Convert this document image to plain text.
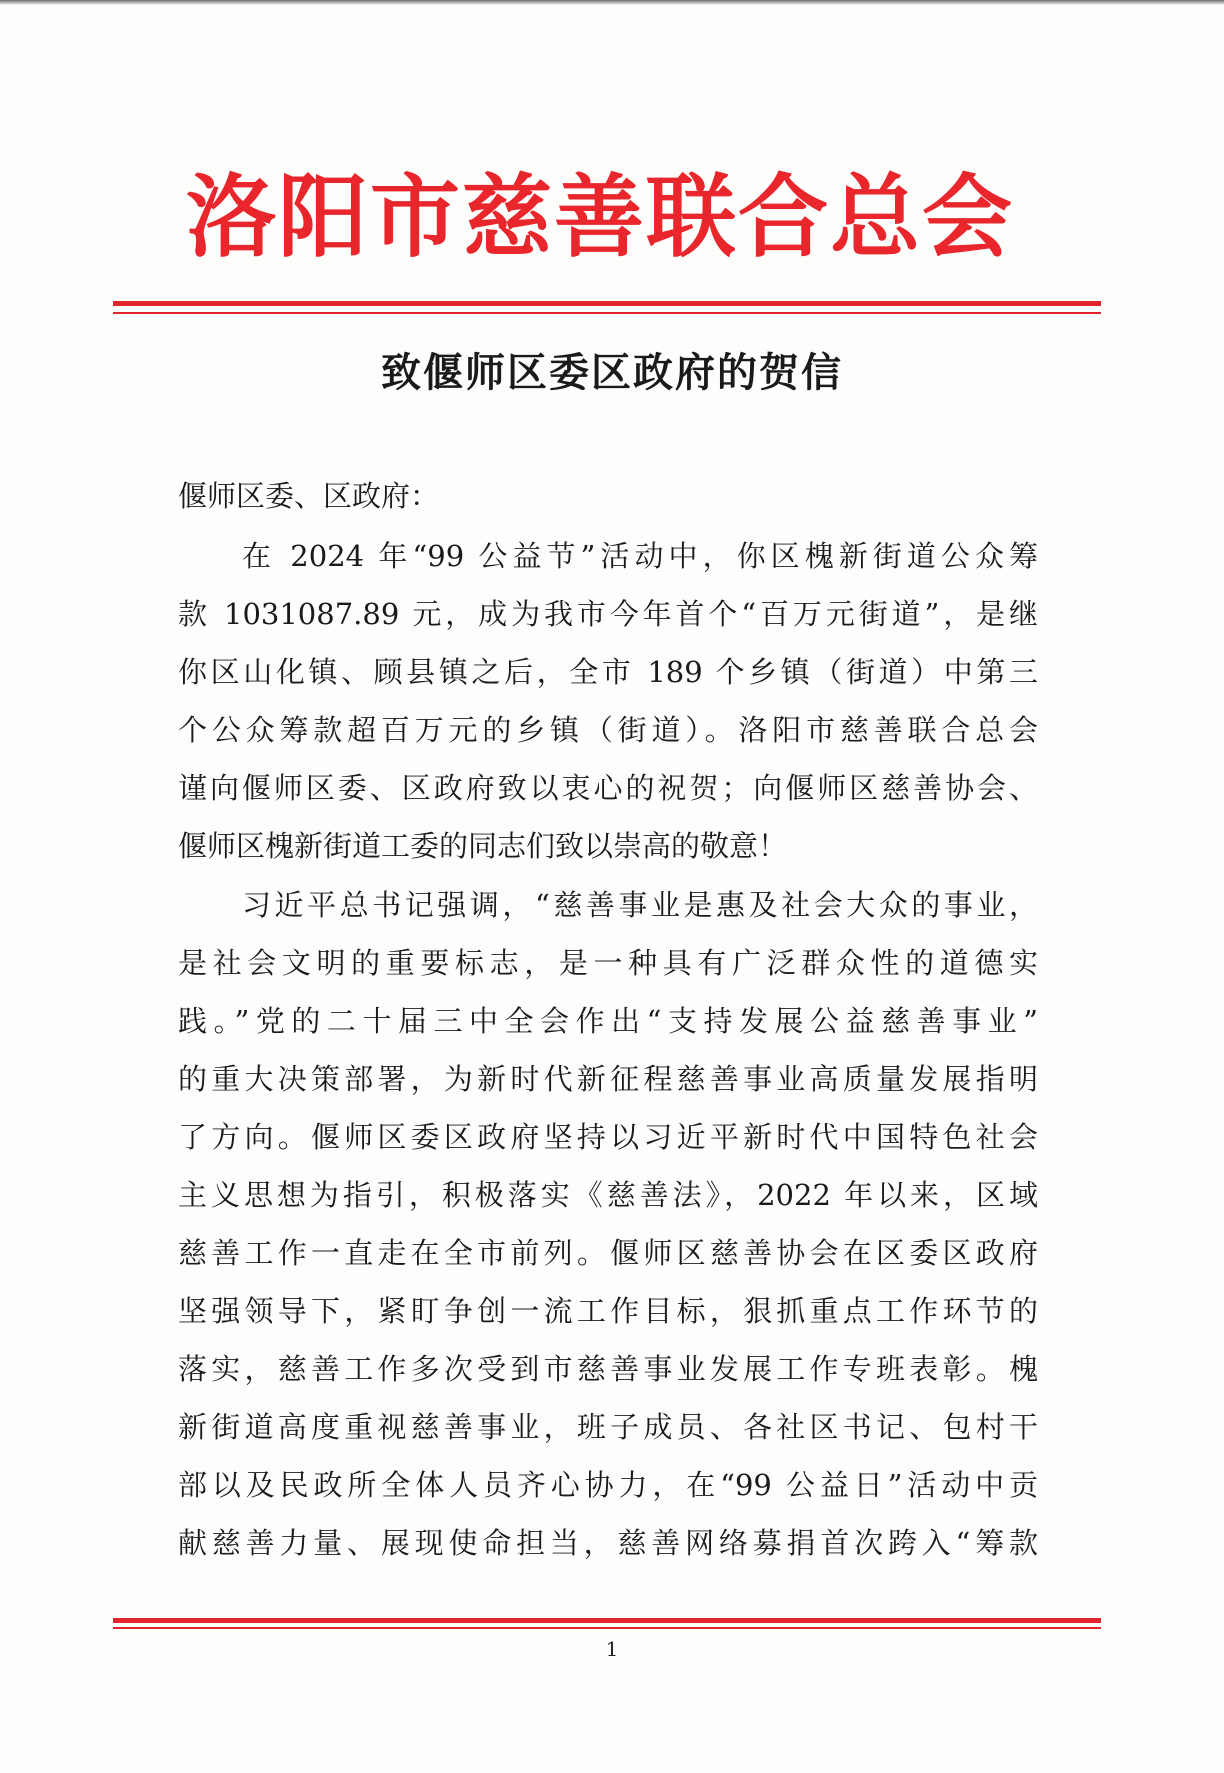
洛阳市慈善联合总会
致偃师区委区政府的贺信
偃师区委、区政府：
在 2024 年“99 公益节”活动中，你区槐新街道公众筹
款 1031087.89 元，成为我市今年首个“百万元街道”，是继
你区山化镇、顾县镇之后，全市 189 个乡镇（街道）中第三
个公众筹款超百万元的乡镇（街道）。洛阳市慈善联合总会
谨向偃师区委、区政府致以衷心的祝贺；向偃师区慈善协会、
偃师区槐新街道工委的同志们致以崇高的敬意！
习近平总书记强调，“慈善事业是惠及社会大众的事业，
是社会文明的重要标志，是一种具有广泛群众性的道德实
践。”党的二十届三中全会作出“支持发展公益慈善事业”
的重大决策部署，为新时代新征程慈善事业高质量发展指明
了方向。偃师区委区政府坚持以习近平新时代中国特色社会
主义思想为指引，积极落实《慈善法》，2022 年以来，区域
慈善工作一直走在全市前列。偃师区慈善协会在区委区政府
坚强领导下，紧盯争创一流工作目标，狠抓重点工作环节的
落实，慈善工作多次受到市慈善事业发展工作专班表彰。槐
新街道高度重视慈善事业，班子成员、各社区书记、包村干
部以及民政所全体人员齐心协力，在“99 公益日”活动中贡
献慈善力量、展现使命担当，慈善网络募捐首次跨入“筹款
1
